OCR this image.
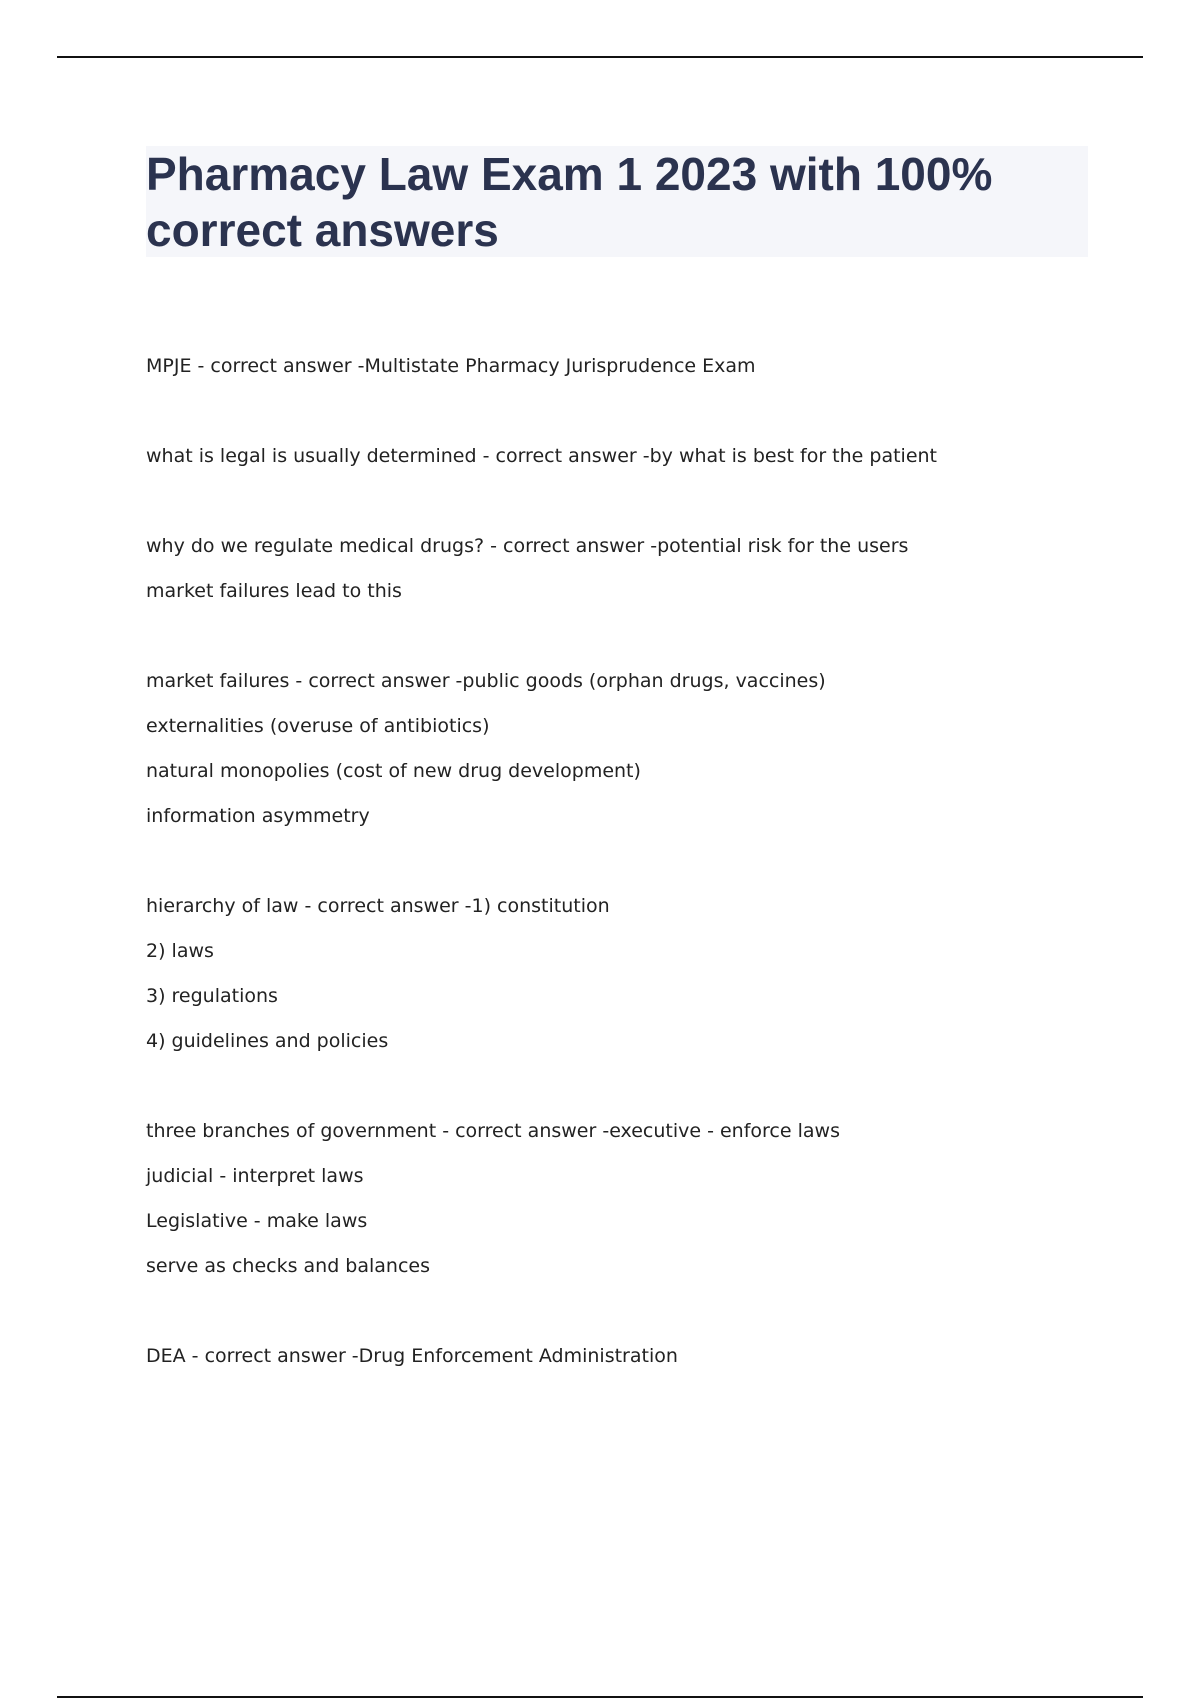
Pharmacy Law Exam 1 2023 with 100% correct answers
MPJE - correct answer -Multistate Pharmacy Jurisprudence Exam
what is legal is usually determined - correct answer -by what is best for the patient
why do we regulate medical drugs? - correct answer -potential risk for the users
market failures lead to this
market failures - correct answer -public goods (orphan drugs, vaccines)
externalities (overuse of antibiotics)
natural monopolies (cost of new drug development)
information asymmetry
hierarchy of law - correct answer -1) constitution
2) laws
3) regulations
4) guidelines and policies
three branches of government - correct answer -executive - enforce laws
judicial - interpret laws
Legislative - make laws
serve as checks and balances
DEA - correct answer -Drug Enforcement Administration
